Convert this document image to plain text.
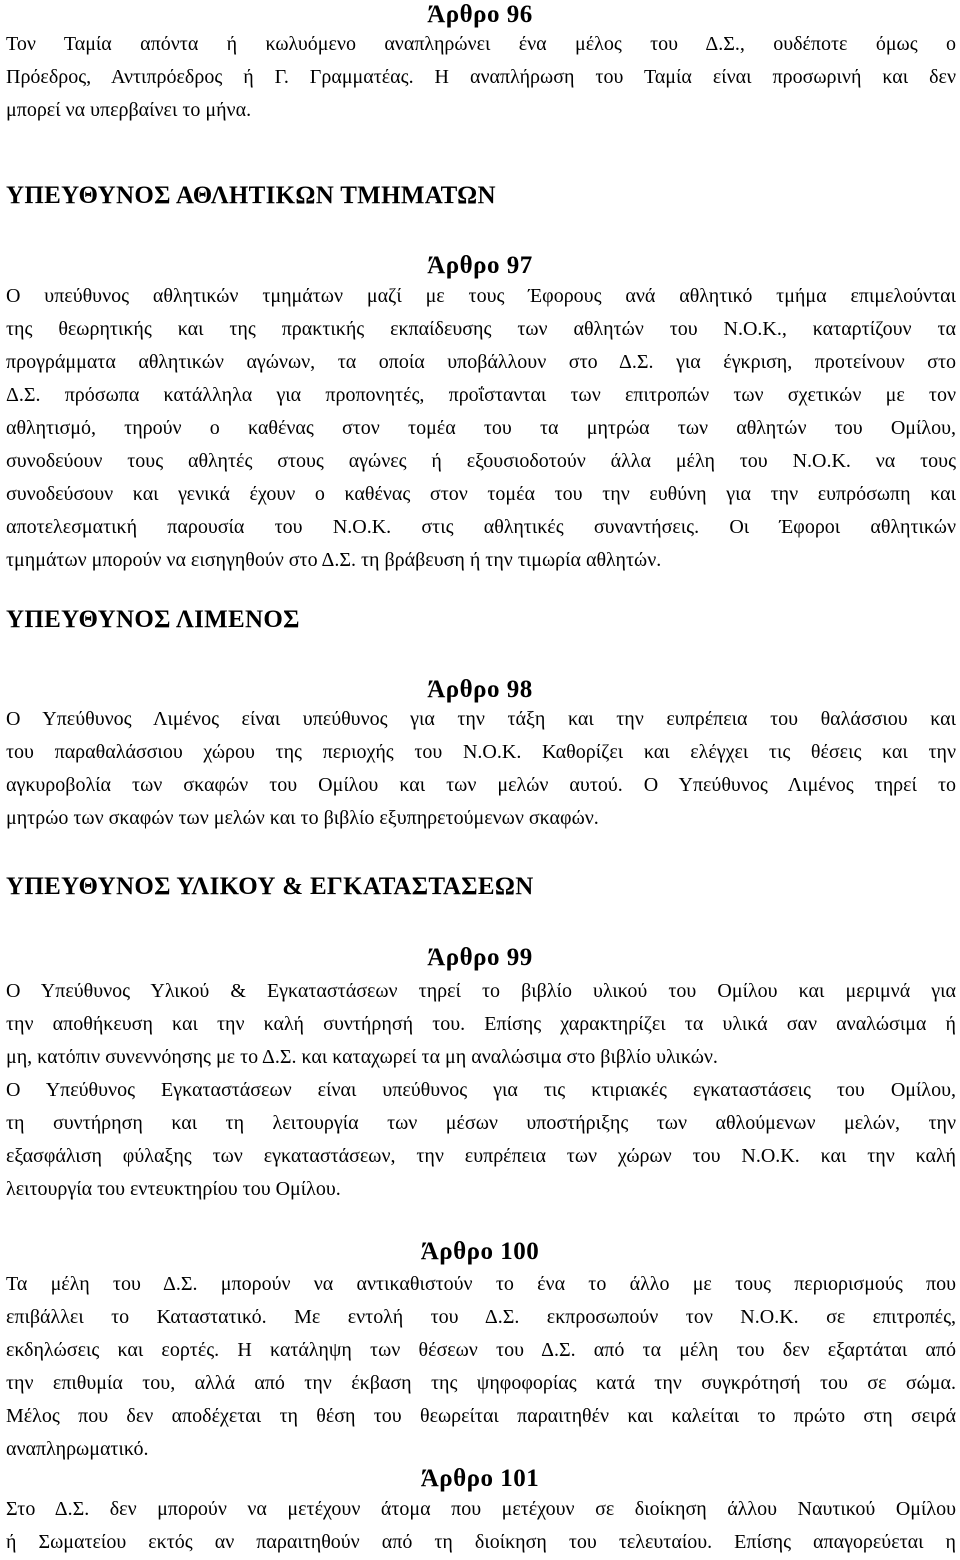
Άρθρο 96

Τον Ταμία απόντα ή κωλυόμενο αναπληρώνει ένα μέλος του Δ.Σ., ουδέποτε όμως ο
Πρόεδρος, Αντιπρόεδρος ή Γ. Γραμματέας. Η αναπλήρωση του Ταμία είναι προσωρινή και δεν
μπορεί να υπερβαίνει το μήνα.

ΥΠΕΥΘΥΝΟΣ ΑΘΛΗΤΙΚΩΝ ΤΜΗΜΑΤΩΝ
Άρθρο 97

Ο υπεύθυνος αθλητικών τμημάτων μαζί με τους Έφορους ανά αθλητικό τμήμα επιμελούνται
της θεωρητικής και της πρακτικής εκπαίδευσης των αθλητών του Ν.Ο.Κ., καταρτίζουν τα
προγράμματα αθλητικών αγώνων, τα οποία υποβάλλουν στο Δ.Σ. για έγκριση, προτείνουν στο
Δ.Σ. πρόσωπα κατάλληλα για προπονητές, προΐστανται των επιτροπών των σχετικών με τον
αθλητισμό, τηρούν ο καθένας στον τομέα του τα μητρώα των αθλητών του Ομίλου,
συνοδεύουν τους αθλητές στους αγώνες ή εξουσιοδοτούν άλλα μέλη του Ν.Ο.Κ. να τους
συνοδεύσουν και γενικά έχουν ο καθένας στον τομέα του την ευθύνη για την ευπρόσωπη και
αποτελεσματική παρουσία του Ν.Ο.Κ. στις αθλητικές συναντήσεις. Οι Έφοροι αθλητικών
τμημάτων μπορούν να εισηγηθούν στο Δ.Σ. τη βράβευση ή την τιμωρία αθλητών.

ΥΠΕΥΘΥΝΟΣ ΛΙΜΕΝΟΣ
Άρθρο 98

Ο Υπεύθυνος Λιμένος είναι υπεύθυνος για την τάξη και την ευπρέπεια του θαλάσσιου και
του παραθαλάσσιου χώρου της περιοχής του Ν.Ο.Κ. Καθορίζει και ελέγχει τις θέσεις και την
αγκυροβολία των σκαφών του Ομίλου και των μελών αυτού. Ο Υπεύθυνος Λιμένος τηρεί το
μητρώο των σκαφών των μελών και το βιβλίο εξυπηρετούμενων σκαφών.

ΥΠΕΥΘΥΝΟΣ ΥΛΙΚΟΥ & ΕΓΚΑΤΑΣΤΑΣΕΩΝ
Άρθρο 99

Ο Υπεύθυνος Υλικού & Εγκαταστάσεων τηρεί το βιβλίο υλικού του Ομίλου και μεριμνά για
την αποθήκευση και την καλή συντήρησή του. Επίσης χαρακτηρίζει τα υλικά σαν αναλώσιμα ή
μη, κατόπιν συνεννόησης με το Δ.Σ. και καταχωρεί τα μη αναλώσιμα στο βιβλίο υλικών.
Ο Υπεύθυνος Εγκαταστάσεων είναι υπεύθυνος για τις κτιριακές εγκαταστάσεις του Ομίλου,
τη συντήρηση και τη λειτουργία των μέσων υποστήριξης των αθλούμενων μελών, την
εξασφάλιση φύλαξης των εγκαταστάσεων, την ευπρέπεια των χώρων του Ν.Ο.Κ. και την καλή
λειτουργία του εντευκτηρίου του Ομίλου.

Άρθρο 100

Τα μέλη του Δ.Σ. μπορούν να αντικαθιστούν το ένα το άλλο με τους περιορισμούς που
επιβάλλει το Καταστατικό. Με εντολή του Δ.Σ. εκπροσωπούν τον Ν.Ο.Κ. σε επιτροπές,
εκδηλώσεις και εορτές. Η κατάληψη των θέσεων του Δ.Σ. από τα μέλη του δεν εξαρτάται από
την επιθυμία του, αλλά από την έκβαση της ψηφοφορίας κατά την συγκρότησή του σε σώμα.
Μέλος που δεν αποδέχεται τη θέση του θεωρείται παραιτηθέν και καλείται το πρώτο στη σειρά
αναπληρωματικό.

Άρθρο 101

Στο Δ.Σ. δεν μπορούν να μετέχουν άτομα που μετέχουν σε διοίκηση άλλου Ναυτικού Ομίλου
ή Σωματείου εκτός αν παραιτηθούν από τη διοίκηση του τελευταίου. Επίσης απαγορεύεται η
